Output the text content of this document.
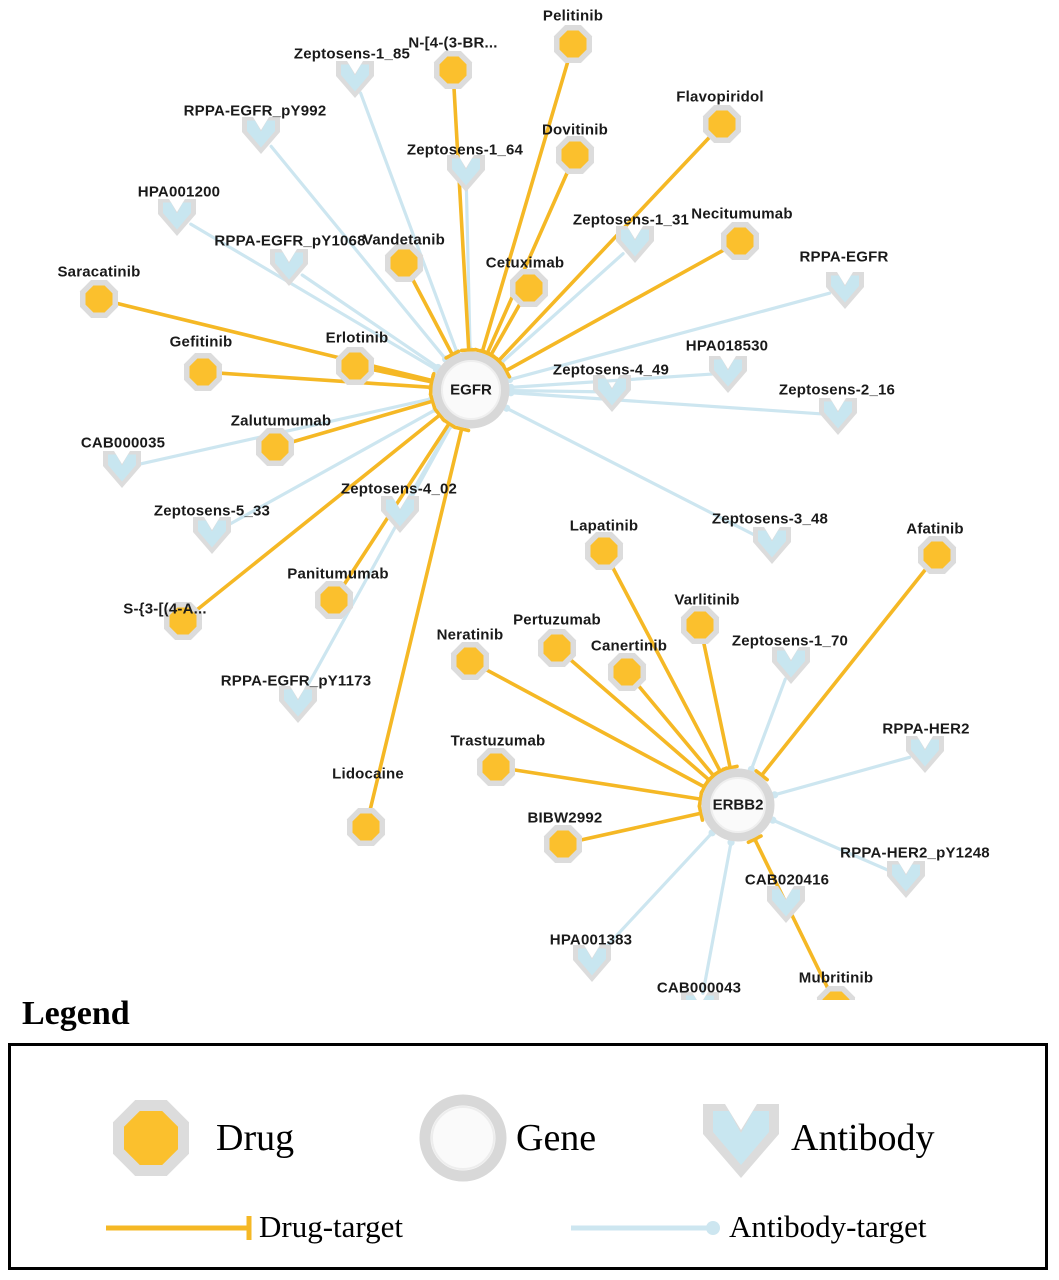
Zeptosens-1_85
RPPA-EGFR_pY992
Zeptosens-1_64
HPA001200
Zeptosens-1_31
RPPA-EGFR_pY1068
RPPA-EGFR
HPA018530
Zeptosens-4_49
Zeptosens-2_16
CAB000035
Zeptosens-4_02
Zeptosens-5_33	Zeptosens-3_48
Zeptosens-1_70
RPPA-EGFR_pY1173
RPPA-HER2
RPPA-HER2_pY1248
CAB020416
HPA001383
CAB000043
Pelitinib
N-[4-(3-BR...
Flavopiridol
Dovitinib
Necitumumab
Vandetanib
Cetuximab
Saracatinib
Erlotinib
Gefitinib
Zalutumumab
Afatinib
Lapatinib
Varlitinib
Panitumumab
S-{3-[(4-A...
Pertuzumab
Neratinib
Canertinib
Trastuzumab
Lidocaine
BIBW2992
Mubritinib
EGFR
ERBB2
Legend
Drug	Gene	Antibody
Drug-target	Antibody-target
